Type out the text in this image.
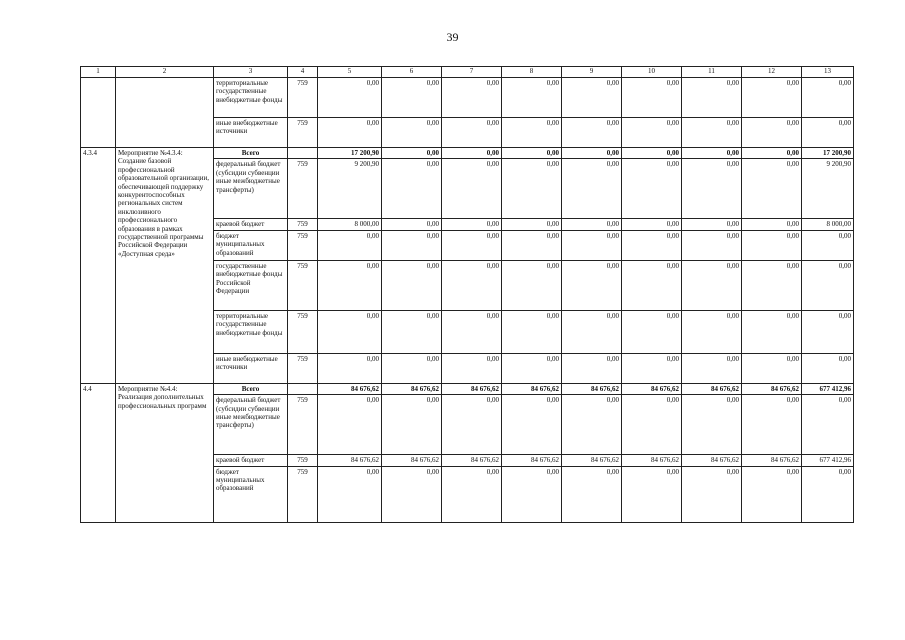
39
1	2	3	4	5	6	7	8	9	10	11	12	13
		территориальные государственные внебюджетные фонды	759	0,00	0,00	0,00	0,00	0,00	0,00	0,00	0,00	0,00
		иные внебюджетные источники	759	0,00	0,00	0,00	0,00	0,00	0,00	0,00	0,00	0,00
4.3.4	Мероприятие №4.3.4: Создание базовой профессиональной образовательной организации, обеспечивающей поддержку конкурентоспособных региональных систем инклюзивного профессионального образования в рамках государственной программы Российской Федерации «Доступная среда»	Всего		17 200,90	0,00	0,00	0,00	0,00	0,00	0,00	0,00	17 200,90
		федеральный бюджет (субсидии субвенции иные межбюджетные трансферты)	759	9 200,90	0,00	0,00	0,00	0,00	0,00	0,00	0,00	9 200,90
		краевой бюджет	759	8 000,00	0,00	0,00	0,00	0,00	0,00	0,00	0,00	8 000,00
		бюджет муниципальных образований	759	0,00	0,00	0,00	0,00	0,00	0,00	0,00	0,00	0,00
		государственные внебюджетные фонды Российской Федерации	759	0,00	0,00	0,00	0,00	0,00	0,00	0,00	0,00	0,00
		территориальные государственные внебюджетные фонды	759	0,00	0,00	0,00	0,00	0,00	0,00	0,00	0,00	0,00
		иные внебюджетные источники	759	0,00	0,00	0,00	0,00	0,00	0,00	0,00	0,00	0,00
4.4	Мероприятие №4.4: Реализация дополнительных профессиональных программ	Всего		84 676,62	84 676,62	84 676,62	84 676,62	84 676,62	84 676,62	84 676,62	84 676,62	677 412,96
		федеральный бюджет (субсидии субвенции иные межбюджетные трансферты)	759	0,00	0,00	0,00	0,00	0,00	0,00	0,00	0,00	0,00
		краевой бюджет	759	84 676,62	84 676,62	84 676,62	84 676,62	84 676,62	84 676,62	84 676,62	84 676,62	677 412,96
		бюджет муниципальных образований	759	0,00	0,00	0,00	0,00	0,00	0,00	0,00	0,00	0,00
